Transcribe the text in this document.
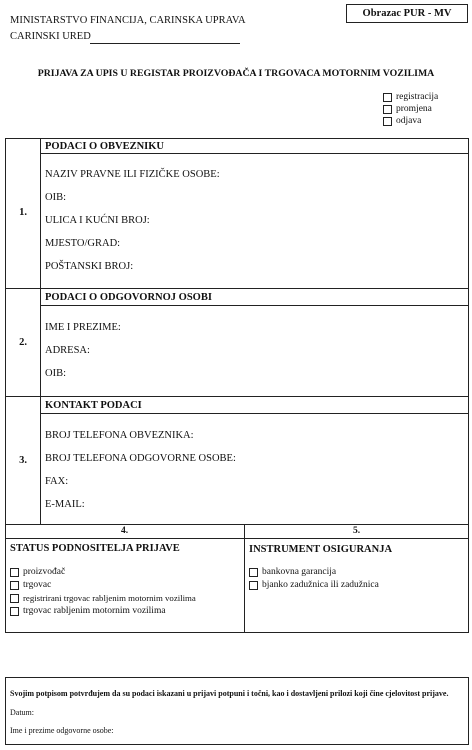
MINISTARSTVO FINANCIJA, CARINSKA UPRAVA
CARINSKI URED
Obrazac PUR - MV
PRIJAVA ZA UPIS U REGISTAR PROIZVOĐAČA I TRGOVACA MOTORNIM VOZILIMA
registracija
promjena
odjava
1.
PODACI O OBVEZNIKU
NAZIV PRAVNE ILI FIZIČKE OSOBE:
OIB:
ULICA I KUĆNI BROJ:
MJESTO/GRAD:
POŠTANSKI BROJ:
2.
PODACI O ODGOVORNOJ OSOBI
IME I PREZIME:
ADRESA:
OIB:
3.
KONTAKT PODACI
BROJ TELEFONA OBVEZNIKA:
BROJ TELEFONA ODGOVORNE OSOBE:
FAX:
E-MAIL:
4.	5.
STATUS PODNOSITELJA PRIJAVE	INSTRUMENT OSIGURANJA
proizvođač
trgovac
registrirani trgovac rabljenim motornim vozilima
trgovac rabljenim motornim vozilima
bankovna garancija
bjanko zadužnica ili zadužnica
Svojim potpisom potvrđujem da su podaci iskazani u prijavi potpuni i točni, kao i dostavljeni prilozi koji čine cjelovitost prijave.
Datum:
Ime i prezime odgovorne osobe:
